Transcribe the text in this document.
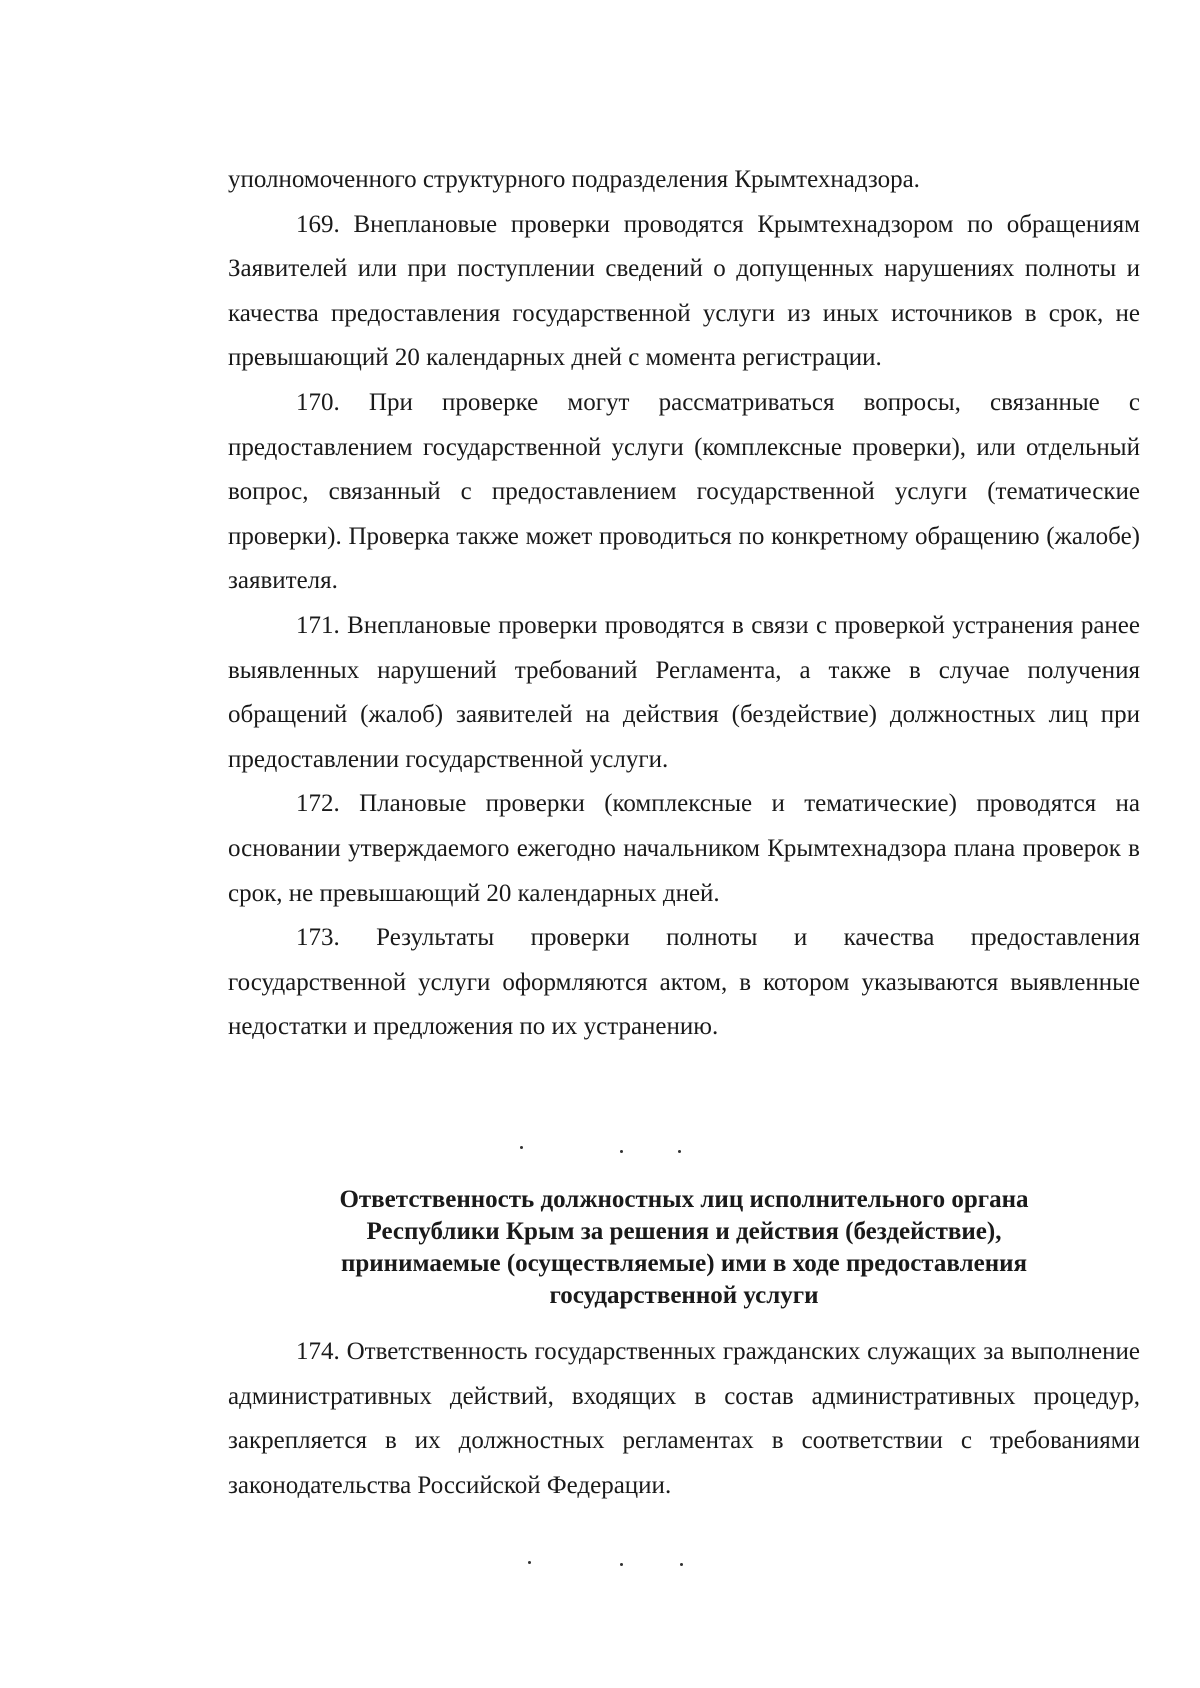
уполномоченного структурного подразделения Крымтехнадзора.

169. Внеплановые проверки проводятся Крымтехнадзором по обращениям Заявителей или при поступлении сведений о допущенных нарушениях полноты и качества предоставления государственной услуги из иных источников в срок, не превышающий 20 календарных дней с момента регистрации.

170. При проверке могут рассматриваться вопросы, связанные с предоставлением государственной услуги (комплексные проверки), или отдельный вопрос, связанный с предоставлением государственной услуги (тематические проверки). Проверка также может проводиться по конкретному обращению (жалобе) заявителя.

171. Внеплановые проверки проводятся в связи с проверкой устранения ранее выявленных нарушений требований Регламента, а также в случае получения обращений (жалоб) заявителей на действия (бездействие) должностных лиц при предоставлении государственной услуги.

172. Плановые проверки (комплексные и тематические) проводятся на основании утверждаемого ежегодно начальником Крымтехнадзора плана проверок в срок, не превышающий 20 календарных дней.

173. Результаты проверки полноты и качества предоставления государственной услуги оформляются актом, в котором указываются выявленные недостатки и предложения по их устранению.

Ответственность должностных лиц исполнительного органа
Республики Крым за решения и действия (бездействие),
принимаемые (осуществляемые) ими в ходе предоставления
государственной услуги

174. Ответственность государственных гражданских служащих за выполнение административных действий, входящих в состав административных процедур, закрепляется в их должностных регламентах в соответствии с требованиями законодательства Российской Федерации.
